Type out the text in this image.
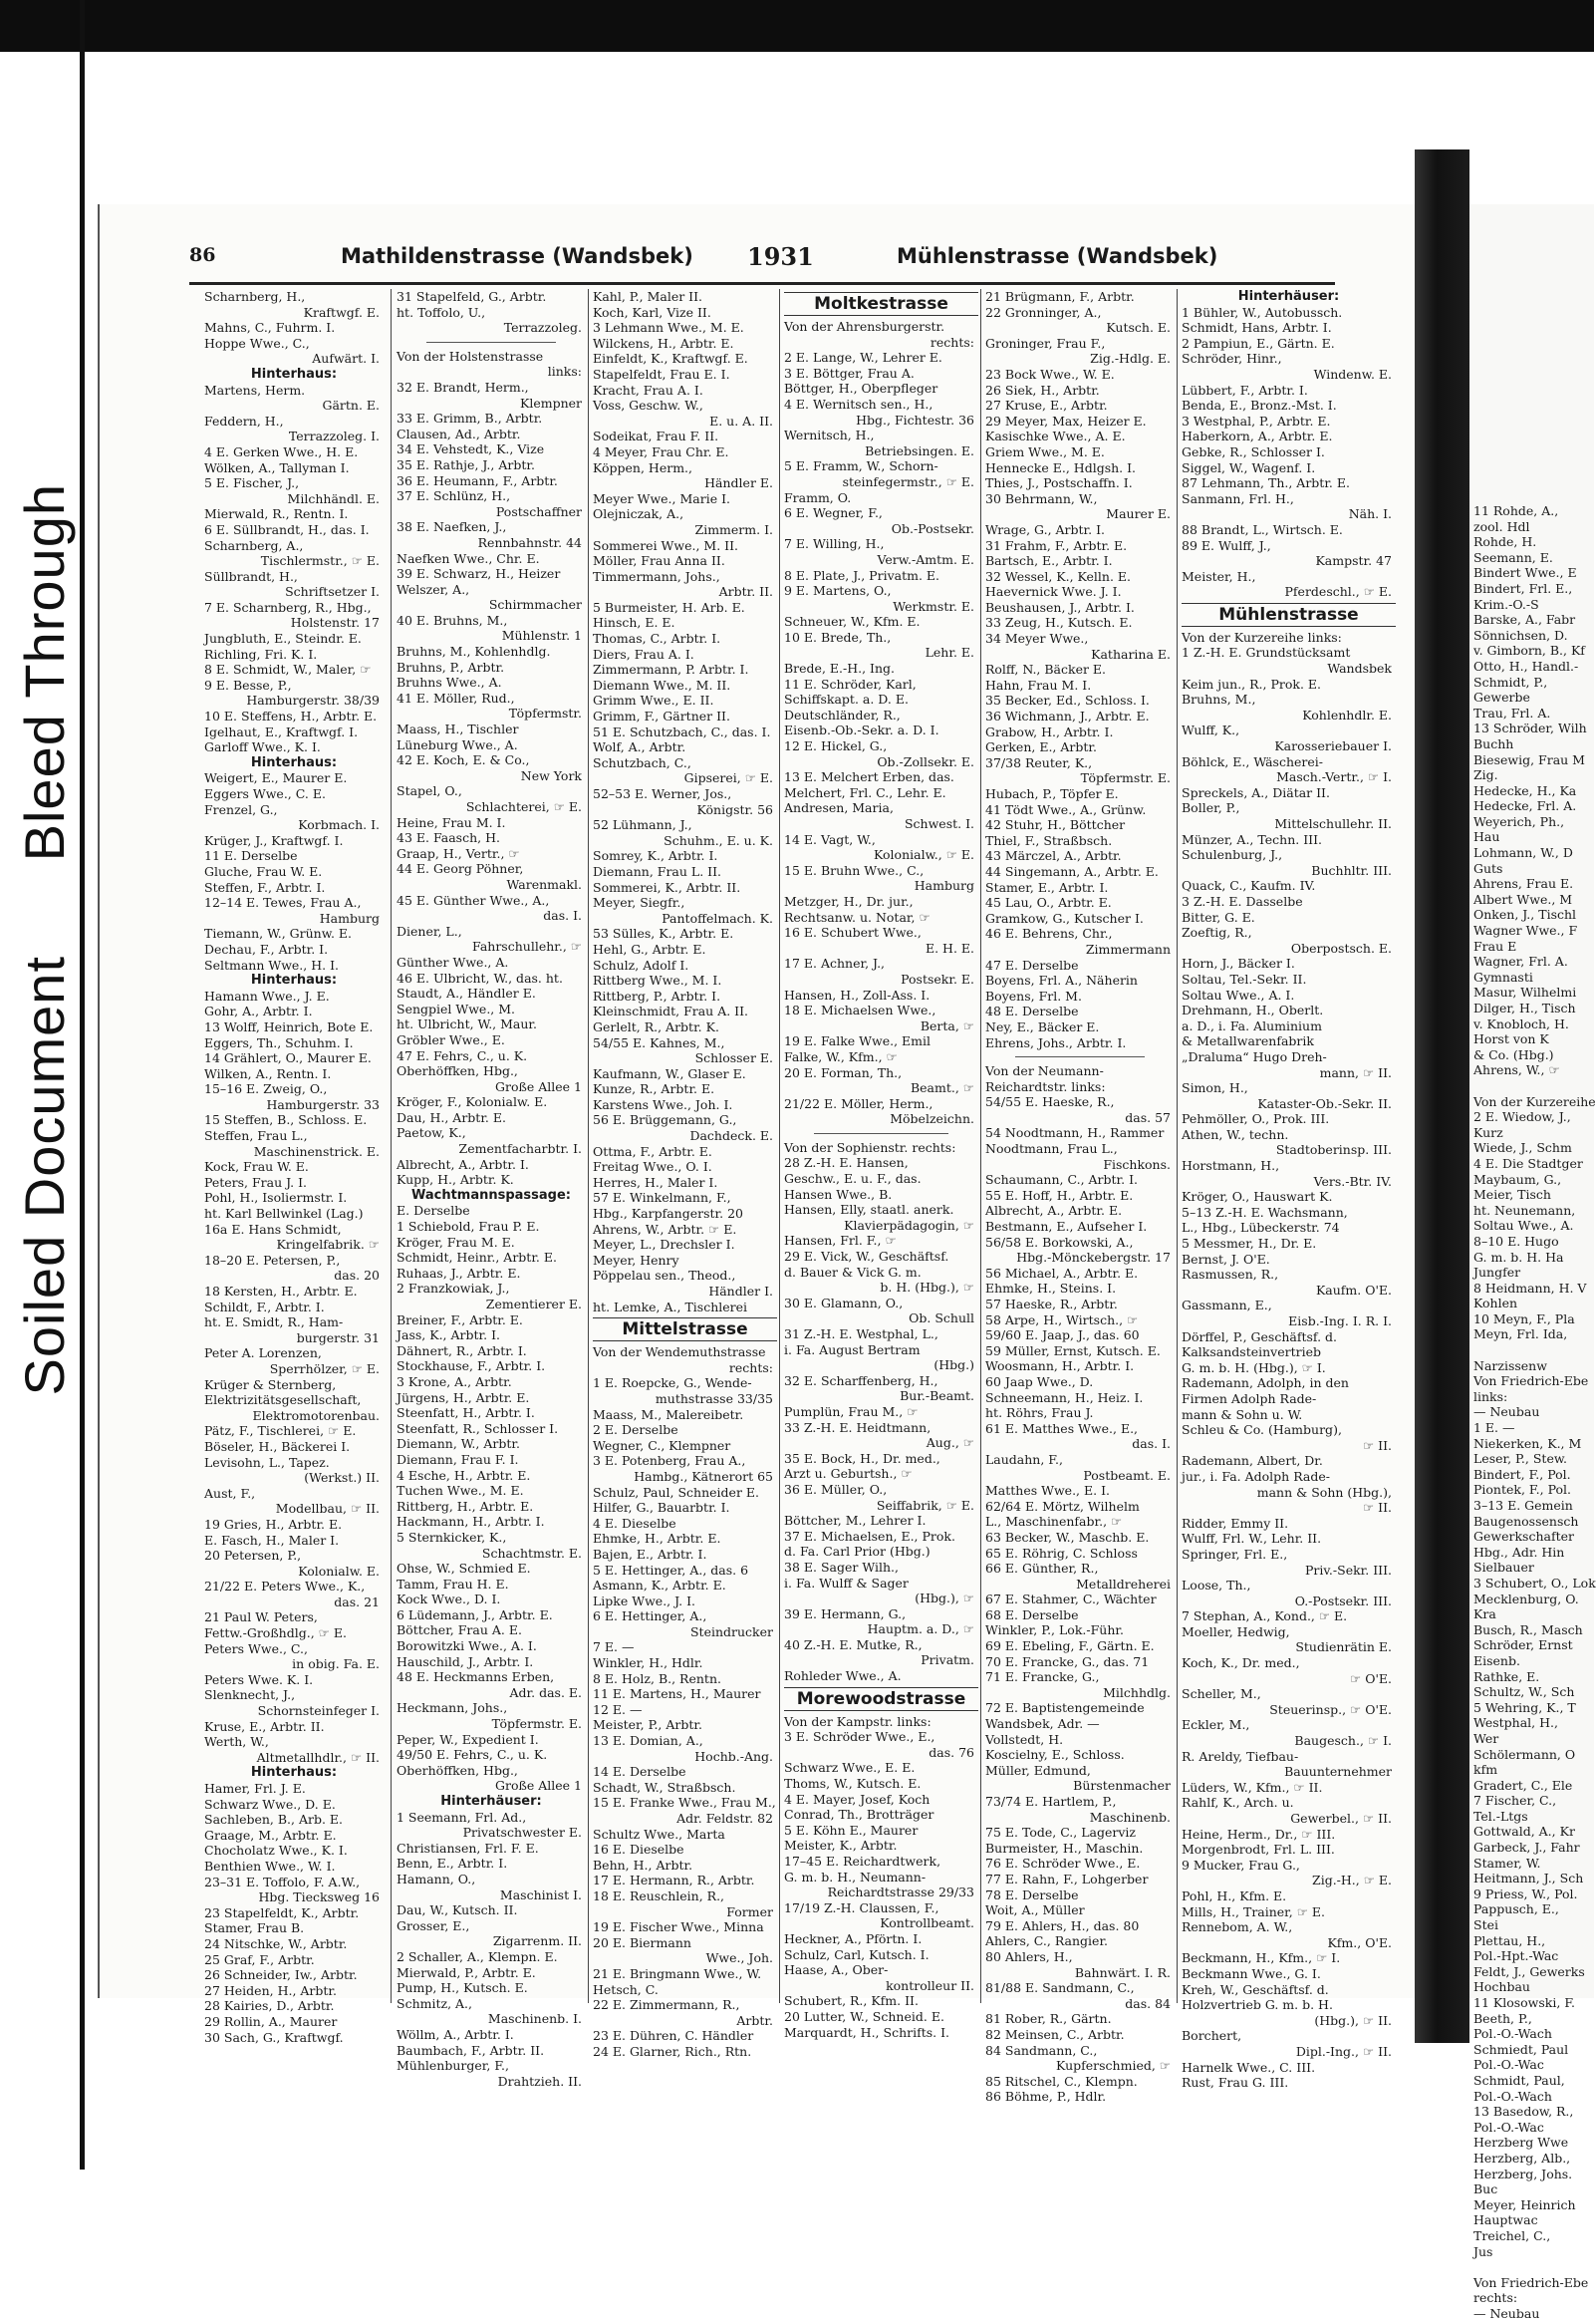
Bleed Through
Soiled Document
11 Rohde, A.,
zool. Hdl
Rohde, H.
Seemann, E.
Bindert Wwe., E
Bindert, Frl. E.,
Krim.-O.-S
Barske, A., Fabr
Sönnichsen, D.
v. Gimborn, B., Kf
Otto, H., Handl.-
Schmidt, P.,
Gewerbe
Trau, Frl. A.
13 Schröder, Wilh
Buchh
Biesewig, Frau M
Zig.
Hedecke, H., Ka
Hedecke, Frl. A.
Weyerich, Ph.,
Hau
Lohmann, W., D
Guts
Ahrens, Frau E.
Albert Wwe., M
Onken, J., Tischl
Wagner Wwe., F
Frau E
Wagner, Frl. A.
Gymnasti
Masur, Wilhelmi
Dilger, H., Tisch
v. Knobloch, H.
Horst von K
& Co. (Hbg.)
Ahrens, W., ☞
Von der Kurzereihe
2 E. Wiedow, J.,
Kurz
Wiede, J., Schm
4 E. Die Stadtger
Maybaum, G.,
Meier, Tisch
ht. Neunemann,
Soltau Wwe., A.
8–10 E. Hugo
G. m. b. H. Ha
Jungfer
8 Heidmann, H. V
Kohlen
10 Meyn, F., Pla
Meyn, Frl. Ida,
Narzissenw
Von Friedrich-Ebe
links:
— Neubau
1 E. —
Niekerken, K., M
Leser, P., Stew.
Bindert, F., Pol.
Piontek, F., Pol.
3–13 E. Gemein
Baugenossensch
Gewerkschafter
Hbg., Adr. Hin
Sielbauer
3 Schubert, O., Lok
Mecklenburg, O.
Kra
Busch, R., Masch
Schröder, Ernst
Eisenb.
Rathke, E.
Schultz, W., Sch
5 Wehring, K., T
Westphal, H.,
Wer
Schölermann, O
kfm
Gradert, C., Ele
7 Fischer, C.,
Tel.-Ltgs
Gottwald, A., Kr
Garbeck, J., Fahr
Stamer, W.
Heitmann, J., Sch
9 Priess, W., Pol.
Pappusch, E.,
Stei
Plettau, H.,
Pol.-Hpt.-Wac
Feldt, J., Gewerks
Hochbau
11 Klosowski, F.
Beeth, P.,
Pol.-O.-Wach
Schmiedt, Paul
Pol.-O.-Wac
Schmidt, Paul,
Pol.-O.-Wach
13 Basedow, R.,
Pol.-O.-Wac
Herzberg Wwe
Herzberg, Alb.,
Herzberg, Johs.
Buc
Meyer, Heinrich
Hauptwac
Treichel, C.,
Jus
Von Friedrich-Ebe
rechts:
— Neubau
86	Mathildenstrasse (Wandsbek) 1931	Mühlenstrasse (Wandsbek)
Scharnberg, H.,
Kraftwgf. E.
Mahns, C., Fuhrm. I.
Hoppe Wwe., C.,
Aufwärt. I.
Hinterhaus:
Martens, Herm.
Gärtn. E.
Feddern, H.,
Terrazzoleg. I.
4 E. Gerken Wwe., H. E.
Wölken, A., Tallyman I.
5 E. Fischer, J.,
Milchhändl. E.
Mierwald, R., Rentn. I.
6 E. Süllbrandt, H., das. I.
Scharnberg, A.,
Tischlermstr., ☞ E.
Süllbrandt, H.,
Schriftsetzer I.
7 E. Scharnberg, R., Hbg.,
Holstenstr. 17
Jungbluth, E., Steindr. E.
Richling, Fri. K. I.
8 E. Schmidt, W., Maler, ☞
9 E. Besse, P.,
Hamburgerstr. 38/39
10 E. Steffens, H., Arbtr. E.
Igelhaut, E., Kraftwgf. I.
Garloff Wwe., K. I.
Hinterhaus:
Weigert, E., Maurer E.
Eggers Wwe., C. E.
Frenzel, G.,
Korbmach. I.
Krüger, J., Kraftwgf. I.
11 E. Derselbe
Gluche, Frau W. E.
Steffen, F., Arbtr. I.
12–14 E. Tewes, Frau A.,
Hamburg
Tiemann, W., Grünw. E.
Dechau, F., Arbtr. I.
Seltmann Wwe., H. I.
Hinterhaus:
Hamann Wwe., J. E.
Gohr, A., Arbtr. I.
13 Wolff, Heinrich, Bote E.
Eggers, Th., Schuhm. I.
14 Grählert, O., Maurer E.
Wilken, A., Rentn. I.
15–16 E. Zweig, O.,
Hamburgerstr. 33
15 Steffen, B., Schloss. E.
Steffen, Frau L.,
Maschinenstrick. E.
Kock, Frau W. E.
Peters, Frau J. I.
Pohl, H., Isoliermstr. I.
ht. Karl Bellwinkel (Lag.)
16a E. Hans Schmidt,
Kringelfabrik. ☞
18–20 E. Petersen, P.,
das. 20
18 Kersten, H., Arbtr. E.
Schildt, F., Arbtr. I.
ht. E. Smidt, R., Ham-
burgerstr. 31
Peter A. Lorenzen,
Sperrhölzer, ☞ E.
Krüger & Sternberg,
Elektrizitätsgesellschaft,
Elektromotorenbau.
Pätz, F., Tischlerei, ☞ E.
Böseler, H., Bäckerei I.
Levisohn, L., Tapez.
(Werkst.) II.
Aust, F.,
Modellbau, ☞ II.
19 Gries, H., Arbtr. E.
E. Fasch, H., Maler I.
20 Petersen, P.,
Kolonialw. E.
21/22 E. Peters Wwe., K.,
das. 21
21 Paul W. Peters,
Fettw.-Großhdlg., ☞ E.
Peters Wwe., C.,
in obig. Fa. E.
Peters Wwe. K. I.
Slenknecht, J.,
Schornsteinfeger I.
Kruse, E., Arbtr. II.
Werth, W.,
Altmetallhdlr., ☞ II.
Hinterhaus:
Hamer, Frl. J. E.
Schwarz Wwe., D. E.
Sachleben, B., Arb. E.
Graage, M., Arbtr. E.
Chocholatz Wwe., K. I.
Benthien Wwe., W. I.
23–31 E. Toffolo, F. A.W.,
Hbg. Tiecksweg 16
23 Stapelfeldt, K., Arbtr.
Stamer, Frau B.
24 Nitschke, W., Arbtr.
25 Graf, F., Arbtr.
26 Schneider, Iw., Arbtr.
27 Heiden, H., Arbtr.
28 Kairies, D., Arbtr.
29 Rollin, A., Maurer
30 Sach, G., Kraftwgf.
31 Stapelfeld, G., Arbtr.
ht. Toffolo, U.,
Terrazzoleg.
Von der Holstenstrasse
links:
32 E. Brandt, Herm.,
Klempner
33 E. Grimm, B., Arbtr.
Clausen, Ad., Arbtr.
34 E. Vehstedt, K., Vize
35 E. Rathje, J., Arbtr.
36 E. Heumann, F., Arbtr.
37 E. Schlünz, H.,
Postschaffner
38 E. Naefken, J.,
Rennbahnstr. 44
Naefken Wwe., Chr. E.
39 E. Schwarz, H., Heizer
Welszer, A.,
Schirmmacher
40 E. Bruhns, M.,
Mühlenstr. 1
Bruhns, M., Kohlenhdlg.
Bruhns, P., Arbtr.
Bruhns Wwe., A.
41 E. Möller, Rud.,
Töpfermstr.
Maass, H., Tischler
Lüneburg Wwe., A.
42 E. Koch, E. & Co.,
New York
Stapel, O.,
Schlachterei, ☞ E.
Heine, Frau M. I.
43 E. Faasch, H.
Graap, H., Vertr., ☞
44 E. Georg Pöhner,
Warenmakl.
45 E. Günther Wwe., A.,
das. I.
Diener, L.,
Fahrschullehr., ☞
Günther Wwe., A.
46 E. Ulbricht, W., das. ht.
Staudt, A., Händler E.
Sengpiel Wwe., M.
ht. Ulbricht, W., Maur.
Gröbler Wwe., E.
47 E. Fehrs, C., u. K.
Oberhöffken, Hbg.,
Große Allee 1
Kröger, F., Kolonialw. E.
Dau, H., Arbtr. E.
Paetow, K.,
Zementfacharbtr. I.
Albrecht, A., Arbtr. I.
Kupp, H., Arbtr. K.
Wachtmannspassage:
E. Derselbe
1 Schiebold, Frau P. E.
Kröger, Frau M. E.
Schmidt, Heinr., Arbtr. E.
Ruhaas, J., Arbtr. E.
2 Franzkowiak, J.,
Zementierer E.
Breiner, F., Arbtr. E.
Jass, K., Arbtr. I.
Dähnert, R., Arbtr. I.
Stockhause, F., Arbtr. I.
3 Krone, A., Arbtr.
Jürgens, H., Arbtr. E.
Steenfatt, H., Arbtr. I.
Steenfatt, R., Schlosser I.
Diemann, W., Arbtr.
Diemann, Frau F. I.
4 Esche, H., Arbtr. E.
Tuchen Wwe., M. E.
Rittberg, H., Arbtr. E.
Hackmann, H., Arbtr. I.
5 Sternkicker, K.,
Schachtmstr. E.
Ohse, W., Schmied E.
Tamm, Frau H. E.
Kock Wwe., D. I.
6 Lüdemann, J., Arbtr. E.
Böttcher, Frau A. E.
Borowitzki Wwe., A. I.
Hauschild, J., Arbtr. I.
48 E. Heckmanns Erben,
Adr. das. E.
Heckmann, Johs.,
Töpfermstr. E.
Peper, W., Expedient I.
49/50 E. Fehrs, C., u. K.
Oberhöffken, Hbg.,
Große Allee 1
Hinterhäuser:
1 Seemann, Frl. Ad.,
Privatschwester E.
Christiansen, Frl. F. E.
Benn, E., Arbtr. I.
Hamann, O.,
Maschinist I.
Dau, W., Kutsch. II.
Grosser, E.,
Zigarrenm. II.
2 Schaller, A., Klempn. E.
Mierwald, P., Arbtr. E.
Pump, H., Kutsch. E.
Schmitz, A.,
Maschinenb. I.
Wöllm, A., Arbtr. I.
Baumbach, F., Arbtr. II.
Mühlenburger, F.,
Drahtzieh. II.
Kahl, P., Maler II.
Koch, Karl, Vize II.
3 Lehmann Wwe., M. E.
Wilckens, H., Arbtr. E.
Einfeldt, K., Kraftwgf. E.
Stapelfeldt, Frau E. I.
Kracht, Frau A. I.
Voss, Geschw. W.,
E. u. A. II.
Sodeikat, Frau F. II.
4 Meyer, Frau Chr. E.
Köppen, Herm.,
Händler E.
Meyer Wwe., Marie I.
Olejniczak, A.,
Zimmerm. I.
Sommerei Wwe., M. II.
Möller, Frau Anna II.
Timmermann, Johs.,
Arbtr. II.
5 Burmeister, H. Arb. E.
Hinsch, E. E.
Thomas, C., Arbtr. I.
Diers, Frau A. I.
Zimmermann, P. Arbtr. I.
Diemann Wwe., M. II.
Grimm Wwe., E. II.
Grimm, F., Gärtner II.
51 E. Schutzbach, C., das. I.
Wolf, A., Arbtr.
Schutzbach, C.,
Gipserei, ☞ E.
52–53 E. Werner, Jos.,
Königstr. 56
52 Lühmann, J.,
Schuhm., E. u. K.
Somrey, K., Arbtr. I.
Diemann, Frau L. II.
Sommerei, K., Arbtr. II.
Meyer, Siegfr.,
Pantoffelmach. K.
53 Sülles, K., Arbtr. E.
Hehl, G., Arbtr. E.
Schulz, Adolf I.
Rittberg Wwe., M. I.
Rittberg, P., Arbtr. I.
Kleinschmidt, Frau A. II.
Gerlelt, R., Arbtr. K.
54/55 E. Kahnes, M.,
Schlosser E.
Kaufmann, W., Glaser E.
Kunze, R., Arbtr. E.
Karstens Wwe., Joh. I.
56 E. Brüggemann, G.,
Dachdeck. E.
Ottma, F., Arbtr. E.
Freitag Wwe., O. I.
Herres, H., Maler I.
57 E. Winkelmann, F.,
Hbg., Karpfangerstr. 20
Ahrens, W., Arbtr. ☞ E.
Meyer, L., Drechsler I.
Meyer, Henry
Pöppelau sen., Theod.,
Händler I.
ht. Lemke, A., Tischlerei
Mittelstrasse
Von der Wendemuthstrasse
rechts:
1 E. Roepcke, G., Wende-
muthstrasse 33/35
Maass, M., Malereibetr.
2 E. Derselbe
Wegner, C., Klempner
3 E. Potenberg, Frau A.,
Hambg., Kätnerort 65
Schulz, Paul, Schneider E.
Hilfer, G., Bauarbtr. I.
4 E. Dieselbe
Ehmke, H., Arbtr. E.
Bajen, E., Arbtr. I.
5 E. Hettinger, A., das. 6
Asmann, K., Arbtr. E.
Lipke Wwe., J. I.
6 E. Hettinger, A.,
Steindrucker
7 E. —
Winkler, H., Hdlr.
8 E. Holz, B., Rentn.
11 E. Martens, H., Maurer
12 E. —
Meister, P., Arbtr.
13 E. Domian, A.,
Hochb.-Ang.
14 E. Derselbe
Schadt, W., Straßbsch.
15 E. Franke Wwe., Frau M.,
Adr. Feldstr. 82
Schultz Wwe., Marta
16 E. Dieselbe
Behn, H., Arbtr.
17 E. Hermann, R., Arbtr.
18 E. Reuschlein, R.,
Former
19 E. Fischer Wwe., Minna
20 E. Biermann
Wwe., Joh.
21 E. Bringmann Wwe., W.
Hetsch, C.
22 E. Zimmermann, R.,
Arbtr.
23 E. Dühren, C. Händler
24 E. Glarner, Rich., Rtn.
Moltkestrasse
Von der Ahrensburgerstr.
rechts:
2 E. Lange, W., Lehrer E.
3 E. Böttger, Frau A.
Böttger, H., Oberpfleger
4 E. Wernitsch sen., H.,
Hbg., Fichtestr. 36
Wernitsch, H.,
Betriebsingen. E.
5 E. Framm, W., Schorn-
steinfegermstr., ☞ E.
Framm, O.
6 E. Wegner, F.,
Ob.-Postsekr.
7 E. Willing, H.,
Verw.-Amtm. E.
8 E. Plate, J., Privatm. E.
9 E. Martens, O.,
Werkmstr. E.
Schneuer, W., Kfm. E.
10 E. Brede, Th.,
Lehr. E.
Brede, E.-H., Ing.
11 E. Schröder, Karl,
Schiffskapt. a. D. E.
Deutschländer, R.,
Eisenb.-Ob.-Sekr. a. D. I.
12 E. Hickel, G.,
Ob.-Zollsekr. E.
13 E. Melchert Erben, das.
Melchert, Frl. C., Lehr. E.
Andresen, Maria,
Schwest. I.
14 E. Vagt, W.,
Kolonialw., ☞ E.
15 E. Bruhn Wwe., C.,
Hamburg
Metzger, H., Dr. jur.,
Rechtsanw. u. Notar, ☞
16 E. Schubert Wwe.,
E. H. E.
17 E. Achner, J.,
Postsekr. E.
Hansen, H., Zoll-Ass. I.
18 E. Michaelsen Wwe.,
Berta, ☞
19 E. Falke Wwe., Emil
Falke, W., Kfm., ☞
20 E. Forman, Th.,
Beamt., ☞
21/22 E. Möller, Herm.,
Möbelzeichn.
Von der Sophienstr. rechts:
28 Z.-H. E. Hansen,
Geschw., E. u. F., das.
Hansen Wwe., B.
Hansen, Elly, staatl. anerk.
Klavierpädagogin, ☞
Hansen, Frl. F., ☞
29 E. Vick, W., Geschäftsf.
d. Bauer & Vick G. m.
b. H. (Hbg.), ☞
30 E. Glamann, O.,
Ob. Schull
31 Z.-H. E. Westphal, L.,
i. Fa. August Bertram
(Hbg.)
32 E. Scharffenberg, H.,
Bur.-Beamt.
Pumplün, Frau M., ☞
33 Z.-H. E. Heidtmann,
Aug., ☞
35 E. Bock, H., Dr. med.,
Arzt u. Geburtsh., ☞
36 E. Müller, O.,
Seiffabrik, ☞ E.
Böttcher, M., Lehrer I.
37 E. Michaelsen, E., Prok.
d. Fa. Carl Prior (Hbg.)
38 E. Sager Wilh.,
i. Fa. Wulff & Sager
(Hbg.), ☞
39 E. Hermann, G.,
Hauptm. a. D., ☞
40 Z.-H. E. Mutke, R.,
Privatm.
Rohleder Wwe., A.
Morewoodstrasse
Von der Kampstr. links:
3 E. Schröder Wwe., E.,
das. 76
Schwarz Wwe., E. E.
Thoms, W., Kutsch. E.
4 E. Mayer, Josef, Koch
Conrad, Th., Brotträger
5 E. Köhn E., Maurer
Meister, K., Arbtr.
17–45 E. Reichardtwerk,
G. m. b. H., Neumann-
Reichardtstrasse 29/33
17/19 Z.-H. Claussen, F.,
Kontrollbeamt.
Heckner, A., Pförtn. I.
Schulz, Carl, Kutsch. I.
Haase, A., Ober-
kontrolleur II.
Schubert, R., Kfm. II.
20 Lutter, W., Schneid. E.
Marquardt, H., Schrifts. I.
21 Brügmann, F., Arbtr.
22 Gronninger, A.,
Kutsch. E.
Groninger, Frau F.,
Zig.-Hdlg. E.
23 Bock Wwe., W. E.
26 Siek, H., Arbtr.
27 Kruse, E., Arbtr.
29 Meyer, Max, Heizer E.
Kasischke Wwe., A. E.
Griem Wwe., M. E.
Hennecke E., Hdlgsh. I.
Thies, J., Postschaffn. I.
30 Behrmann, W.,
Maurer E.
Wrage, G., Arbtr. I.
31 Frahm, F., Arbtr. E.
Bartsch, E., Arbtr. I.
32 Wessel, K., Kelln. E.
Haevernick Wwe. J. I.
Beushausen, J., Arbtr. I.
33 Zeug, H., Kutsch. E.
34 Meyer Wwe.,
Katharina E.
Rolff, N., Bäcker E.
Hahn, Frau M. I.
35 Becker, Ed., Schloss. I.
36 Wichmann, J., Arbtr. E.
Grabow, H., Arbtr. I.
Gerken, E., Arbtr.
37/38 Reuter, K.,
Töpfermstr. E.
Hubach, P., Töpfer E.
41 Tödt Wwe., A., Grünw.
42 Stuhr, H., Böttcher
Thiel, F., Straßbsch.
43 Märczel, A., Arbtr.
44 Singemann, A., Arbtr. E.
Stamer, E., Arbtr. I.
45 Lau, O., Arbtr. E.
Gramkow, G., Kutscher I.
46 E. Behrens, Chr.,
Zimmermann
47 E. Derselbe
Boyens, Frl. A., Näherin
Boyens, Frl. M.
48 E. Derselbe
Ney, E., Bäcker E.
Ehrens, Johs., Arbtr. I.
Von der Neumann-
Reichardtstr. links:
54/55 E. Haeske, R.,
das. 57
54 Noodtmann, H., Rammer
Noodtmann, Frau L.,
Fischkons.
Schaumann, C., Arbtr. I.
55 E. Hoff, H., Arbtr. E.
Albrecht, A., Arbtr. E.
Bestmann, E., Aufseher I.
56/58 E. Borkowski, A.,
Hbg.-Mönckebergstr. 17
56 Michael, A., Arbtr. E.
Ehmke, H., Steins. I.
57 Haeske, R., Arbtr.
58 Arpe, H., Wirtsch., ☞
59/60 E. Jaap, J., das. 60
59 Müller, Ernst, Kutsch. E.
Woosmann, H., Arbtr. I.
60 Jaap Wwe., D.
Schneemann, H., Heiz. I.
ht. Röhrs, Frau J.
61 E. Matthes Wwe., E.,
das. I.
Laudahn, F.,
Postbeamt. E.
Matthes Wwe., E. I.
62/64 E. Mörtz, Wilhelm
L., Maschinenfabr., ☞
63 Becker, W., Maschb. E.
65 E. Röhrig, C. Schloss
66 E. Günther, R.,
Metalldreherei
67 E. Stahmer, C., Wächter
68 E. Derselbe
Winkler, P., Lok.-Führ.
69 E. Ebeling, F., Gärtn. E.
70 E. Francke, G., das. 71
71 E. Francke, G.,
Milchhdlg.
72 E. Baptistengemeinde
Wandsbek, Adr. —
Vollstedt, H.
Koscielny, E., Schloss.
Müller, Edmund,
Bürstenmacher
73/74 E. Hartlem, P.,
Maschinenb.
75 E. Tode, C., Lagerviz
Burmeister, H., Maschin.
76 E. Schröder Wwe., E.
77 E. Rahn, F., Lohgerber
78 E. Derselbe
Woit, A., Müller
79 E. Ahlers, H., das. 80
Ahlers, C., Rangier.
80 Ahlers, H.,
Bahnwärt. I. R.
81/88 E. Sandmann, C.,
das. 84
81 Rober, R., Gärtn.
82 Meinsen, C., Arbtr.
84 Sandmann, C.,
Kupferschmied, ☞
85 Ritschel, C., Klempn.
86 Böhme, P., Hdlr.
Hinterhäuser:
1 Bühler, W., Autobussch.
Schmidt, Hans, Arbtr. I.
2 Pampiun, E., Gärtn. E.
Schröder, Hinr.,
Windenw. E.
Lübbert, F., Arbtr. I.
Benda, E., Bronz.-Mst. I.
3 Westphal, P., Arbtr. E.
Haberkorn, A., Arbtr. E.
Gebke, R., Schlosser I.
Siggel, W., Wagenf. I.
87 Lehmann, Th., Arbtr. E.
Sanmann, Frl. H.,
Näh. I.
88 Brandt, L., Wirtsch. E.
89 E. Wulff, J.,
Kampstr. 47
Meister, H.,
Pferdeschl., ☞ E.
Mühlenstrasse
Von der Kurzereihe links:
1 Z.-H. E. Grundstücksamt
Wandsbek
Keim jun., R., Prok. E.
Bruhns, M.,
Kohlenhdlr. E.
Wulff, K.,
Karosseriebauer I.
Böhlck, E., Wäscherei-
Masch.-Vertr., ☞ I.
Spreckels, A., Diätar II.
Boller, P.,
Mittelschullehr. II.
Münzer, A., Techn. III.
Schulenburg, J.,
Buchhltr. III.
Quack, C., Kaufm. IV.
3 Z.-H. E. Dasselbe
Bitter, G. E.
Zoeftig, R.,
Oberpostsch. E.
Horn, J., Bäcker I.
Soltau, Tel.-Sekr. II.
Soltau Wwe., A. I.
Drehmann, H., Oberlt.
a. D., i. Fa. Aluminium
& Metallwarenfabrik
„Draluma“ Hugo Dreh-
mann, ☞ II.
Simon, H.,
Kataster-Ob.-Sekr. II.
Pehmöller, O., Prok. III.
Athen, W., techn.
Stadtoberinsp. III.
Horstmann, H.,
Vers.-Btr. IV.
Kröger, O., Hauswart K.
5–13 Z.-H. E. Wachsmann,
L., Hbg., Lübeckerstr. 74
5 Messmer, H., Dr. E.
Bernst, J. O'E.
Rasmussen, R.,
Kaufm. O'E.
Gassmann, E.,
Eisb.-Ing. I. R. I.
Dörffel, P., Geschäftsf. d.
Kalksandsteinvertrieb
G. m. b. H. (Hbg.), ☞ I.
Rademann, Adolph, in den
Firmen Adolph Rade-
mann & Sohn u. W.
Schleu & Co. (Hamburg),
☞ II.
Rademann, Albert, Dr.
jur., i. Fa. Adolph Rade-
mann & Sohn (Hbg.),
☞ II.
Ridder, Emmy II.
Wulff, Frl. W., Lehr. II.
Springer, Frl. E.,
Priv.-Sekr. III.
Loose, Th.,
O.-Postsekr. III.
7 Stephan, A., Kond., ☞ E.
Moeller, Hedwig,
Studienrätin E.
Koch, K., Dr. med.,
☞ O'E.
Scheller, M.,
Steuerinsp., ☞ O'E.
Eckler, M.,
Baugesch., ☞ I.
R. Areldy, Tiefbau-
Bauunternehmer
Lüders, W., Kfm., ☞ II.
Rahlf, K., Arch. u.
Gewerbel., ☞ II.
Heine, Herm., Dr., ☞ III.
Morgenbrodt, Frl. L. III.
9 Mucker, Frau G.,
Zig.-H., ☞ E.
Pohl, H., Kfm. E.
Mills, H., Trainer, ☞ E.
Rennebom, A. W.,
Kfm., O'E.
Beckmann, H., Kfm., ☞ I.
Beckmann Wwe., G. I.
Kreh, W., Geschäftsf. d.
Holzvertrieb G. m. b. H.
(Hbg.), ☞ II.
Borchert,
Dipl.-Ing., ☞ II.
Harnelk Wwe., C. III.
Rust, Frau G. III.
